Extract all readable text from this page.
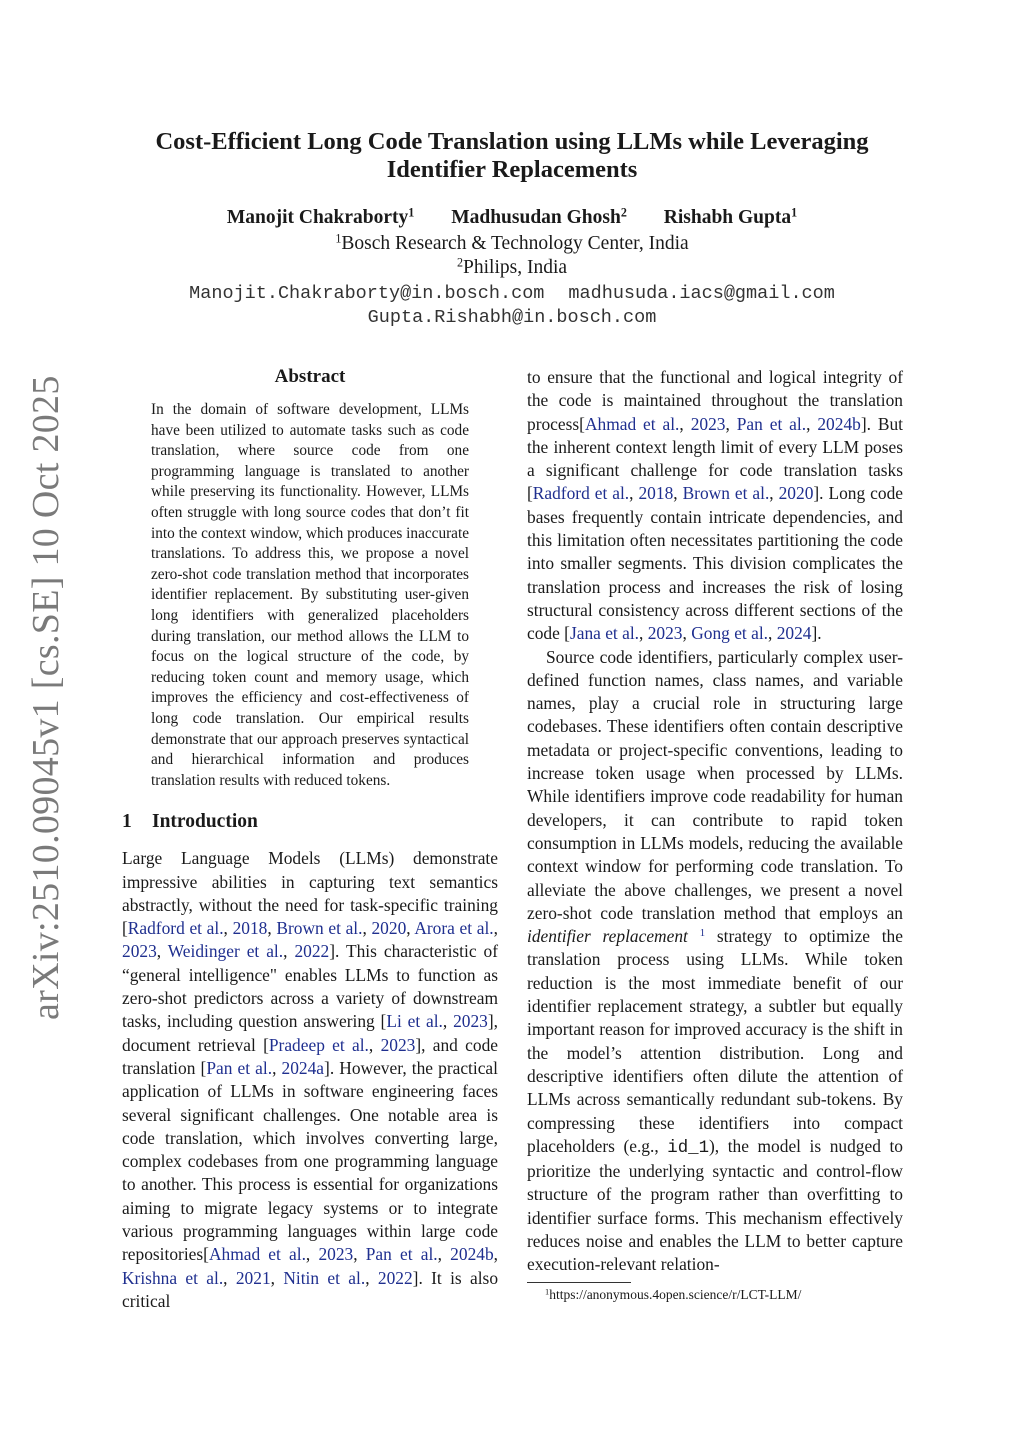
arXiv:2510.09045v1 [cs.SE] 10 Oct 2025
Cost-Efficient Long Code Translation using LLMs while Leveraging
Identifier Replacements
Manojit Chakraborty$^1$ Madhusudan Ghosh$^2$ Rishabh Gupta$^1$
$^1$Bosch Research & Technology Center, India
$^2$Philips, India
Manojit.Chakraborty@in.bosch.com madhusuda.iacs@gmail.com
Gupta.Rishabh@in.bosch.com
Abstract

In the domain of software development, LLMs have been utilized to automate tasks such as code translation, where source code from one programming language is translated to another while preserving its functionality. However, LLMs often struggle with long source codes that don’t fit into the context window, which produces inaccurate translations. To address this, we propose a novel zero-shot code translation method that incorporates identifier replacement. By substituting user-given long identifiers with generalized placeholders during translation, our method allows the LLM to focus on the logical structure of the code, by reducing token count and memory usage, which improves the efficiency and cost-effectiveness of long code translation. Our empirical results demonstrate that our approach preserves syntactical and hierarchical information and produces translation results with reduced tokens.

1 Introduction

Large Language Models (LLMs) demonstrate impressive abilities in capturing text semantics abstractly, without the need for task-specific training [Radford et al., 2018, Brown et al., 2020, Arora et al., 2023, Weidinger et al., 2022]. This characteristic of “general intelligence" enables LLMs to function as zero-shot predictors across a variety of downstream tasks, including question answering [Li et al., 2023], document retrieval [Pradeep et al., 2023], and code translation [Pan et al., 2024a]. However, the practical application of LLMs in software engineering faces several significant challenges. One notable area is code translation, which involves converting large, complex codebases from one programming language to another. This process is essential for organizations aiming to migrate legacy systems or to integrate various programming languages within large code repositories[Ahmad et al., 2023, Pan et al., 2024b, Krishna et al., 2021, Nitin et al., 2022]. It is also critical

to ensure that the functional and logical integrity of the code is maintained throughout the translation process[Ahmad et al., 2023, Pan et al., 2024b]. But the inherent context length limit of every LLM poses a significant challenge for code translation tasks [Radford et al., 2018, Brown et al., 2020]. Long code bases frequently contain intricate dependencies, and this limitation often necessitates partitioning the code into smaller segments. This division complicates the translation process and increases the risk of losing structural consistency across different sections of the code [Jana et al., 2023, Gong et al., 2024].

Source code identifiers, particularly complex user-defined function names, class names, and variable names, play a crucial role in structuring large codebases. These identifiers often contain descriptive metadata or project-specific conventions, leading to increase token usage when processed by LLMs. While identifiers improve code readability for human developers, it can contribute to rapid token consumption in LLMs models, reducing the available context window for performing code translation. To alleviate the above challenges, we present a novel zero-shot code translation method that employs an identifier replacement $^1$ strategy to optimize the translation process using LLMs. While token reduction is the most immediate benefit of our identifier replacement strategy, a subtler but equally important reason for improved accuracy is the shift in the model’s attention distribution. Long and descriptive identifiers often dilute the attention of LLMs across semantically redundant sub-tokens. By compressing these identifiers into compact placeholders (e.g., id_1), the model is nudged to prioritize the underlying syntactic and control-flow structure of the program rather than overfitting to identifier surface forms. This mechanism effectively reduces noise and enables the LLM to better capture execution-relevant relation-

$^1$https://anonymous.4open.science/r/LCT-LLM/
